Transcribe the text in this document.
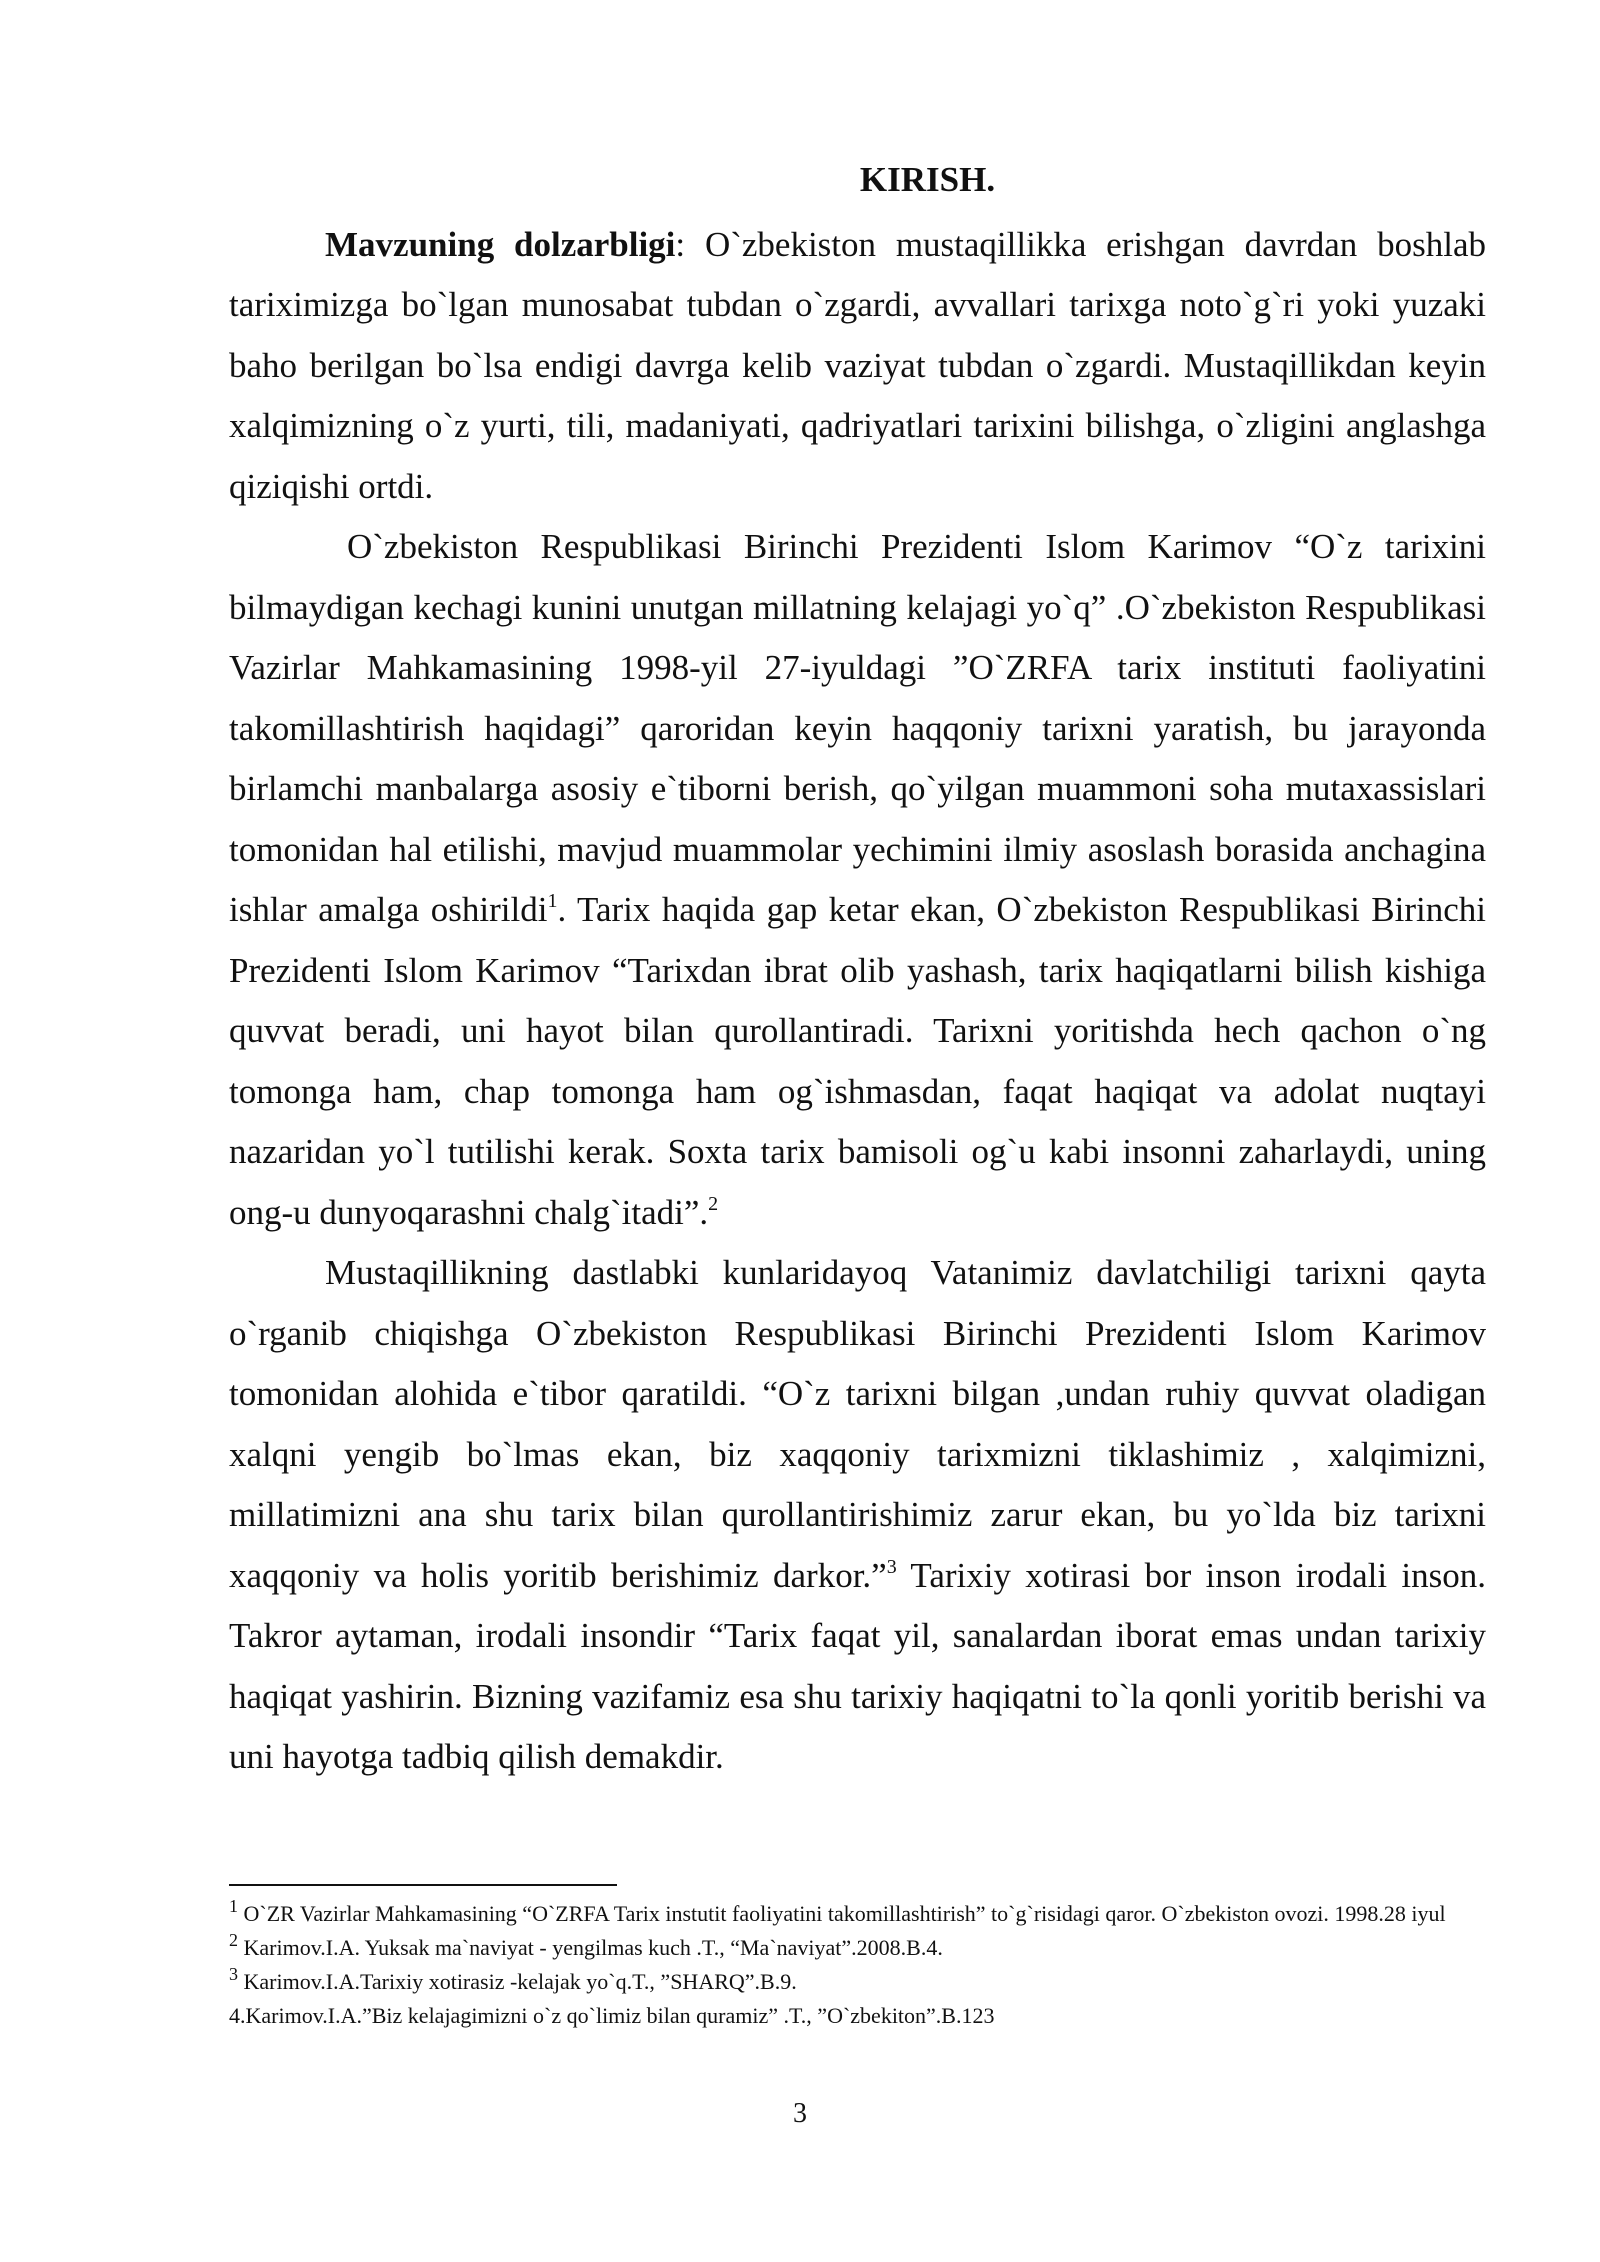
KIRISH.

Mavzuning dolzarbligi: O`zbekiston mustaqillikka erishgan davrdan boshlab tariximizga bo`lgan munosabat tubdan o`zgardi, avvallari tarixga noto`g`ri yoki yuzaki baho berilgan bo`lsa endigi davrga kelib vaziyat tubdan o`zgardi. Mustaqillikdan keyin xalqimizning o`z yurti, tili, madaniyati, qadriyatlari tarixini bilishga, o`zligini anglashga qiziqishi ortdi.

O`zbekiston Respublikasi Birinchi Prezidenti Islom Karimov “O`z tarixini bilmaydigan kechagi kunini unutgan millatning kelajagi yo`q” .O`zbekiston Respublikasi Vazirlar Mahkamasining 1998-yil 27-iyuldagi ”O`ZRFA tarix instituti faoliyatini takomillashtirish haqidagi” qaroridan keyin haqqoniy tarixni yaratish, bu jarayonda birlamchi manbalarga asosiy e`tiborni berish, qo`yilgan muammoni soha mutaxassislari tomonidan hal etilishi, mavjud muammolar yechimini ilmiy asoslash borasida anchagina ishlar amalga oshirildi$^1$. Tarix haqida gap ketar ekan, O`zbekiston Respublikasi Birinchi Prezidenti Islom Karimov “Tarixdan ibrat olib yashash, tarix haqiqatlarni bilish kishiga quvvat beradi, uni hayot bilan qurollantiradi. Tarixni yoritishda hech qachon o`ng tomonga ham, chap tomonga ham og`ishmasdan, faqat haqiqat va adolat nuqtayi nazaridan yo`l tutilishi kerak. Soxta tarix bamisoli og`u kabi insonni zaharlaydi, uning ong-u dunyoqarashni chalg`itadi”.$^2$

Mustaqillikning dastlabki kunlaridayoq Vatanimiz davlatchiligi tarixni qayta o`rganib chiqishga O`zbekiston Respublikasi Birinchi Prezidenti Islom Karimov tomonidan alohida e`tibor qaratildi. “O`z tarixni bilgan ,undan ruhiy quvvat oladigan xalqni yengib bo`lmas ekan, biz xaqqoniy tarixmizni tiklashimiz , xalqimizni, millatimizni ana shu tarix bilan qurollantirishimiz zarur ekan, bu yo`lda biz tarixni xaqqoniy va holis yoritib berishimiz darkor.”$^3$ Tarixiy xotirasi bor inson irodali inson. Takror aytaman, irodali insondir “Tarix faqat yil, sanalardan iborat emas undan tarixiy haqiqat yashirin. Bizning vazifamiz esa shu tarixiy haqiqatni to`la qonli yoritib berishi va uni hayotga tadbiq qilish demakdir.

$^1$ O`ZR Vazirlar Mahkamasining “O`ZRFA Tarix instutit faoliyatini takomillashtirish” to`g`risidagi qaror. O`zbekiston ovozi. 1998.28 iyul

$^2$ Karimov.I.A. Yuksak ma`naviyat - yengilmas kuch .T., “Ma`naviyat”.2008.B.4.

$^3$ Karimov.I.A.Tarixiy xotirasiz -kelajak yo`q.T., ”SHARQ”.B.9.

4.Karimov.I.A.”Biz kelajagimizni o`z qo`limiz bilan quramiz” .T., ”O`zbekiton”.B.123

3
